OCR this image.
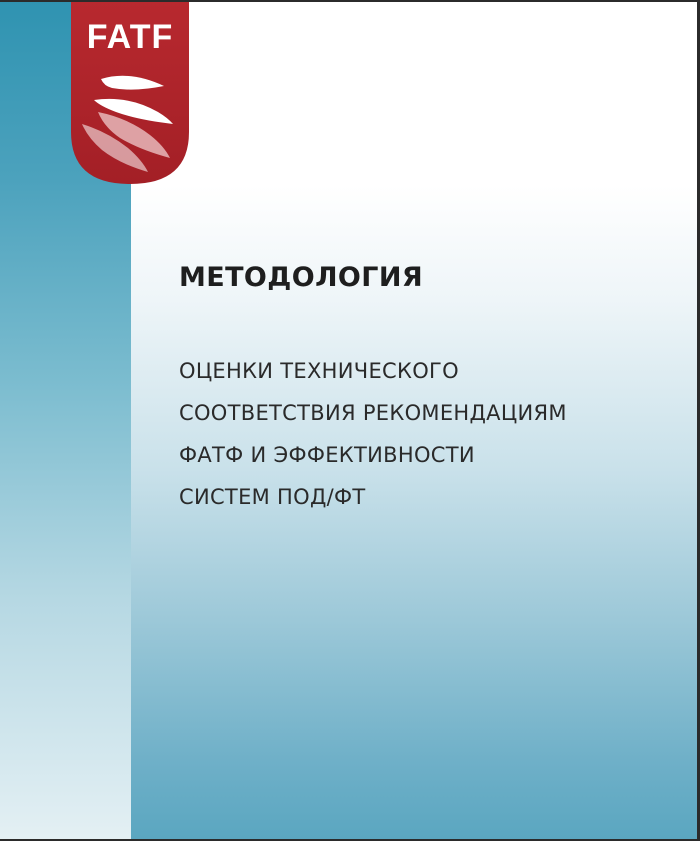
FATF
МЕТОДОЛОГИЯ
ОЦЕНКИ ТЕХНИЧЕСКОГО
СООТВЕТСТВИЯ РЕКОМЕНДАЦИЯМ
ФАТФ И ЭФФЕКТИВНОСТИ
СИСТЕМ ПОД/ФТ
